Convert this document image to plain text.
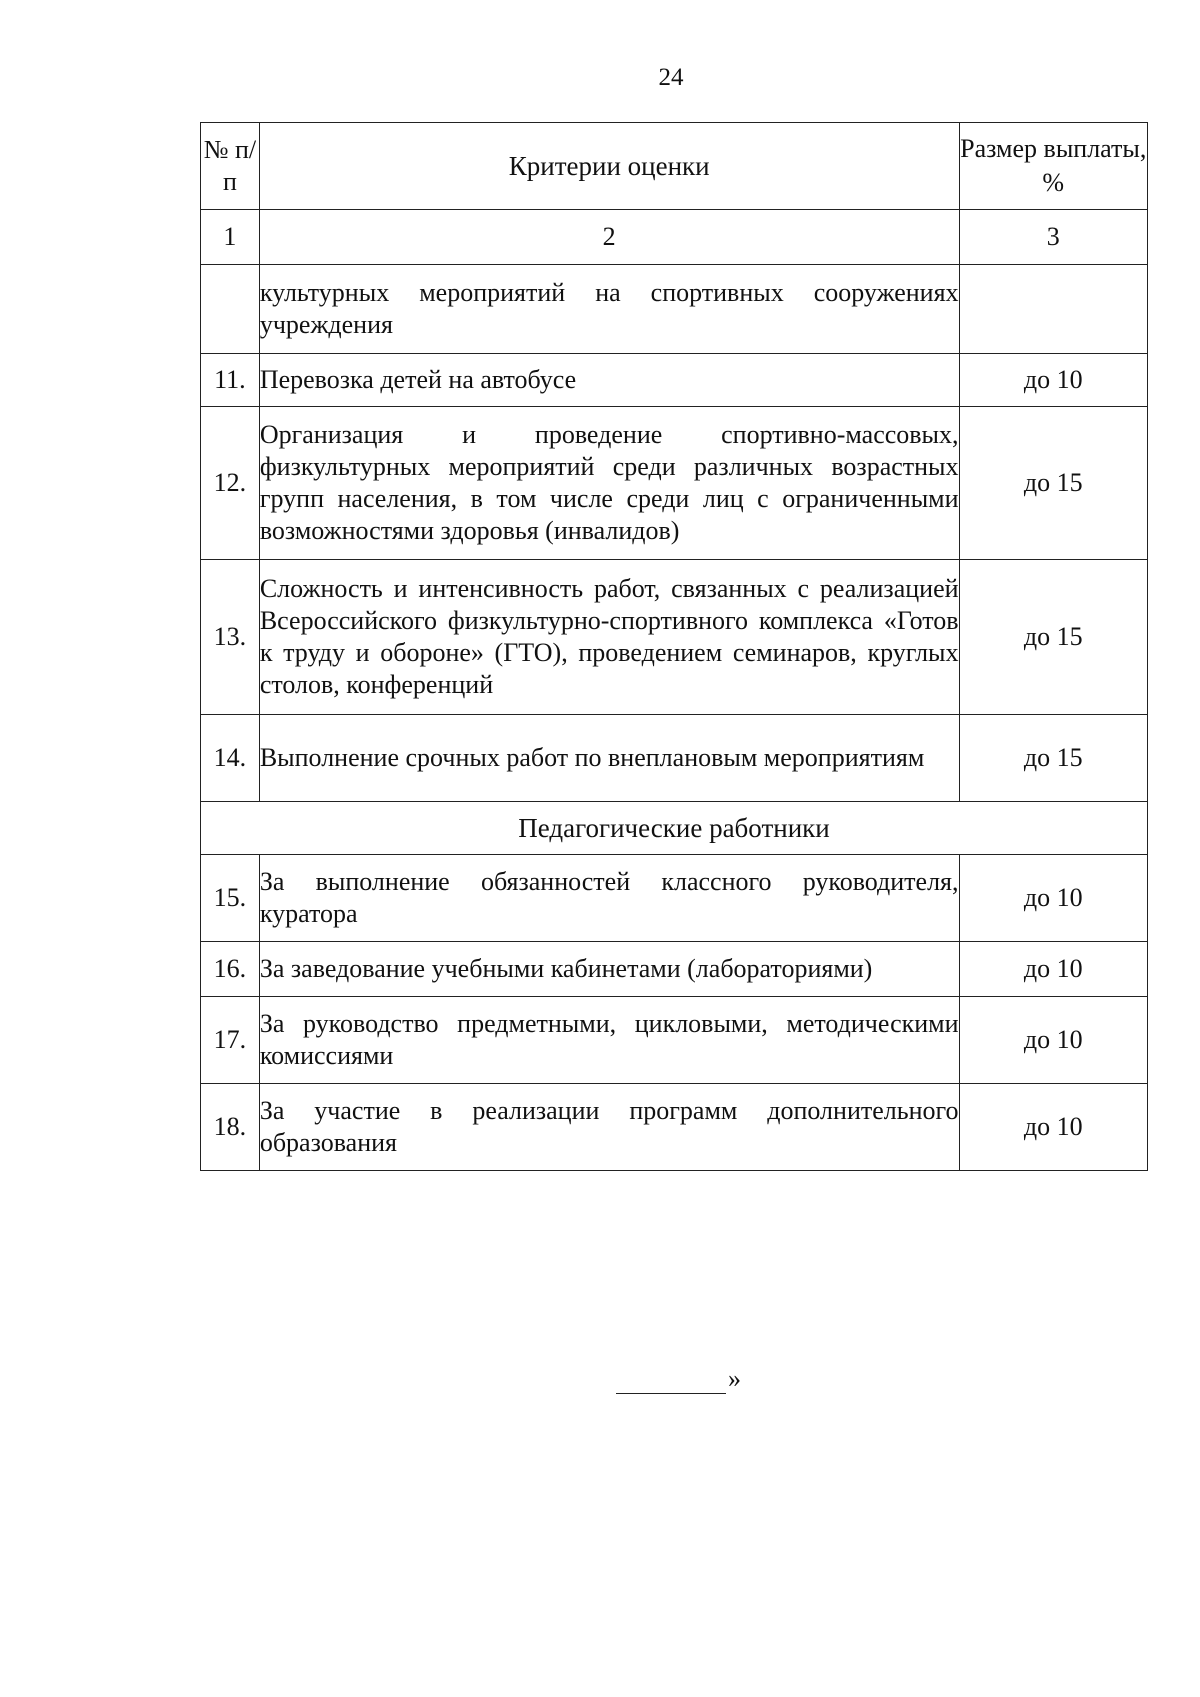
24
№ п/п	Критерии оценки	Размер выплаты, %
1	2	3
	культурных мероприятий на спортивных сооружениях учреждения	
11.	Перевозка детей на автобусе	до 10
12.	Организация и проведение спортивно-массовых, физкультурных мероприятий среди различных возрастных групп населения, в том числе среди лиц с ограниченными возможностями здоровья (инвалидов)	до 15
13.	Сложность и интенсивность работ, связанных с реализацией Всероссийского физкультурно-спортивного комплекса «Готов к труду и обороне» (ГТО), проведением семинаров, круглых столов, конференций	до 15
14.	Выполнение срочных работ по внеплановым мероприятиям	до 15
Педагогические работники		
15.	За выполнение обязанностей классного руководителя, куратора	до 10
16.	За заведование учебными кабинетами (лабораториями)	до 10
17.	За руководство предметными, цикловыми, методическими комиссиями	до 10
18.	За участие в реализации программ дополнительного образования	до 10
»
